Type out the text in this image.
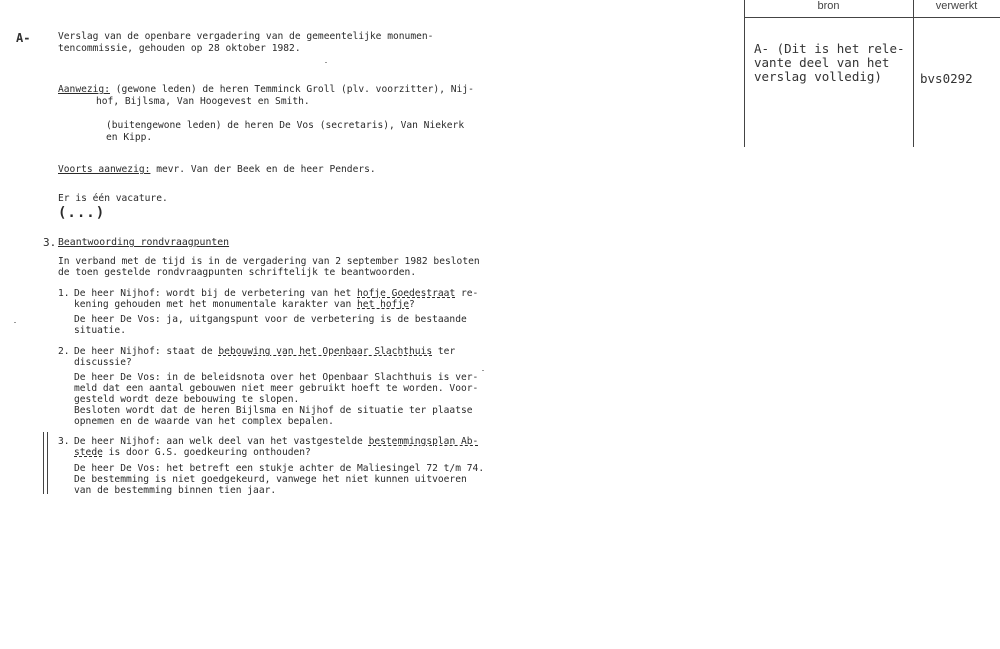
A-	Verslag van de openbare vergadering van de gemeentelijke monumen-
tencommissie, gehouden op 28 oktober 1982.
Aanwezig: (gewone leden) de heren Temminck Groll (plv. voorzitter), Nij-
hof, Bijlsma, Van Hoogevest en Smith.
(buitengewone leden) de heren De Vos (secretaris), Van Niekerk
en Kipp.
Voorts aanwezig: mevr. Van der Beek en de heer Penders.
Er is één vacature.
(...)
3. Beantwoording rondvraagpunten
In verband met de tijd is in de vergadering van 2 september 1982 besloten
de toen gestelde rondvraagpunten schriftelijk te beantwoorden.
1. De heer Nijhof: wordt bij de verbetering van het hofje Goedestraat re-
kening gehouden met het monumentale karakter van het hofje?
De heer De Vos: ja, uitgangspunt voor de verbetering is de bestaande
situatie.
2. De heer Nijhof: staat de bebouwing van het Openbaar Slachthuis ter
discussie?
De heer De Vos: in de beleidsnota over het Openbaar Slachthuis is ver-
meld dat een aantal gebouwen niet meer gebruikt hoeft te worden. Voor-
gesteld wordt deze bebouwing te slopen.
Besloten wordt dat de heren Bijlsma en Nijhof de situatie ter plaatse
opnemen en de waarde van het complex bepalen.
3. De heer Nijhof: aan welk deel van het vastgestelde bestemmingsplan Ab-
stede is door G.S. goedkeuring onthouden?
De heer De Vos: het betreft een stukje achter de Maliesingel 72 t/m 74.
De bestemming is niet goedgekeurd, vanwege het niet kunnen uitvoeren
van de bestemming binnen tien jaar.
bron	verwerkt
A- (Dit is het rele-
vante deel van het
verslag volledig)	bvs0292
